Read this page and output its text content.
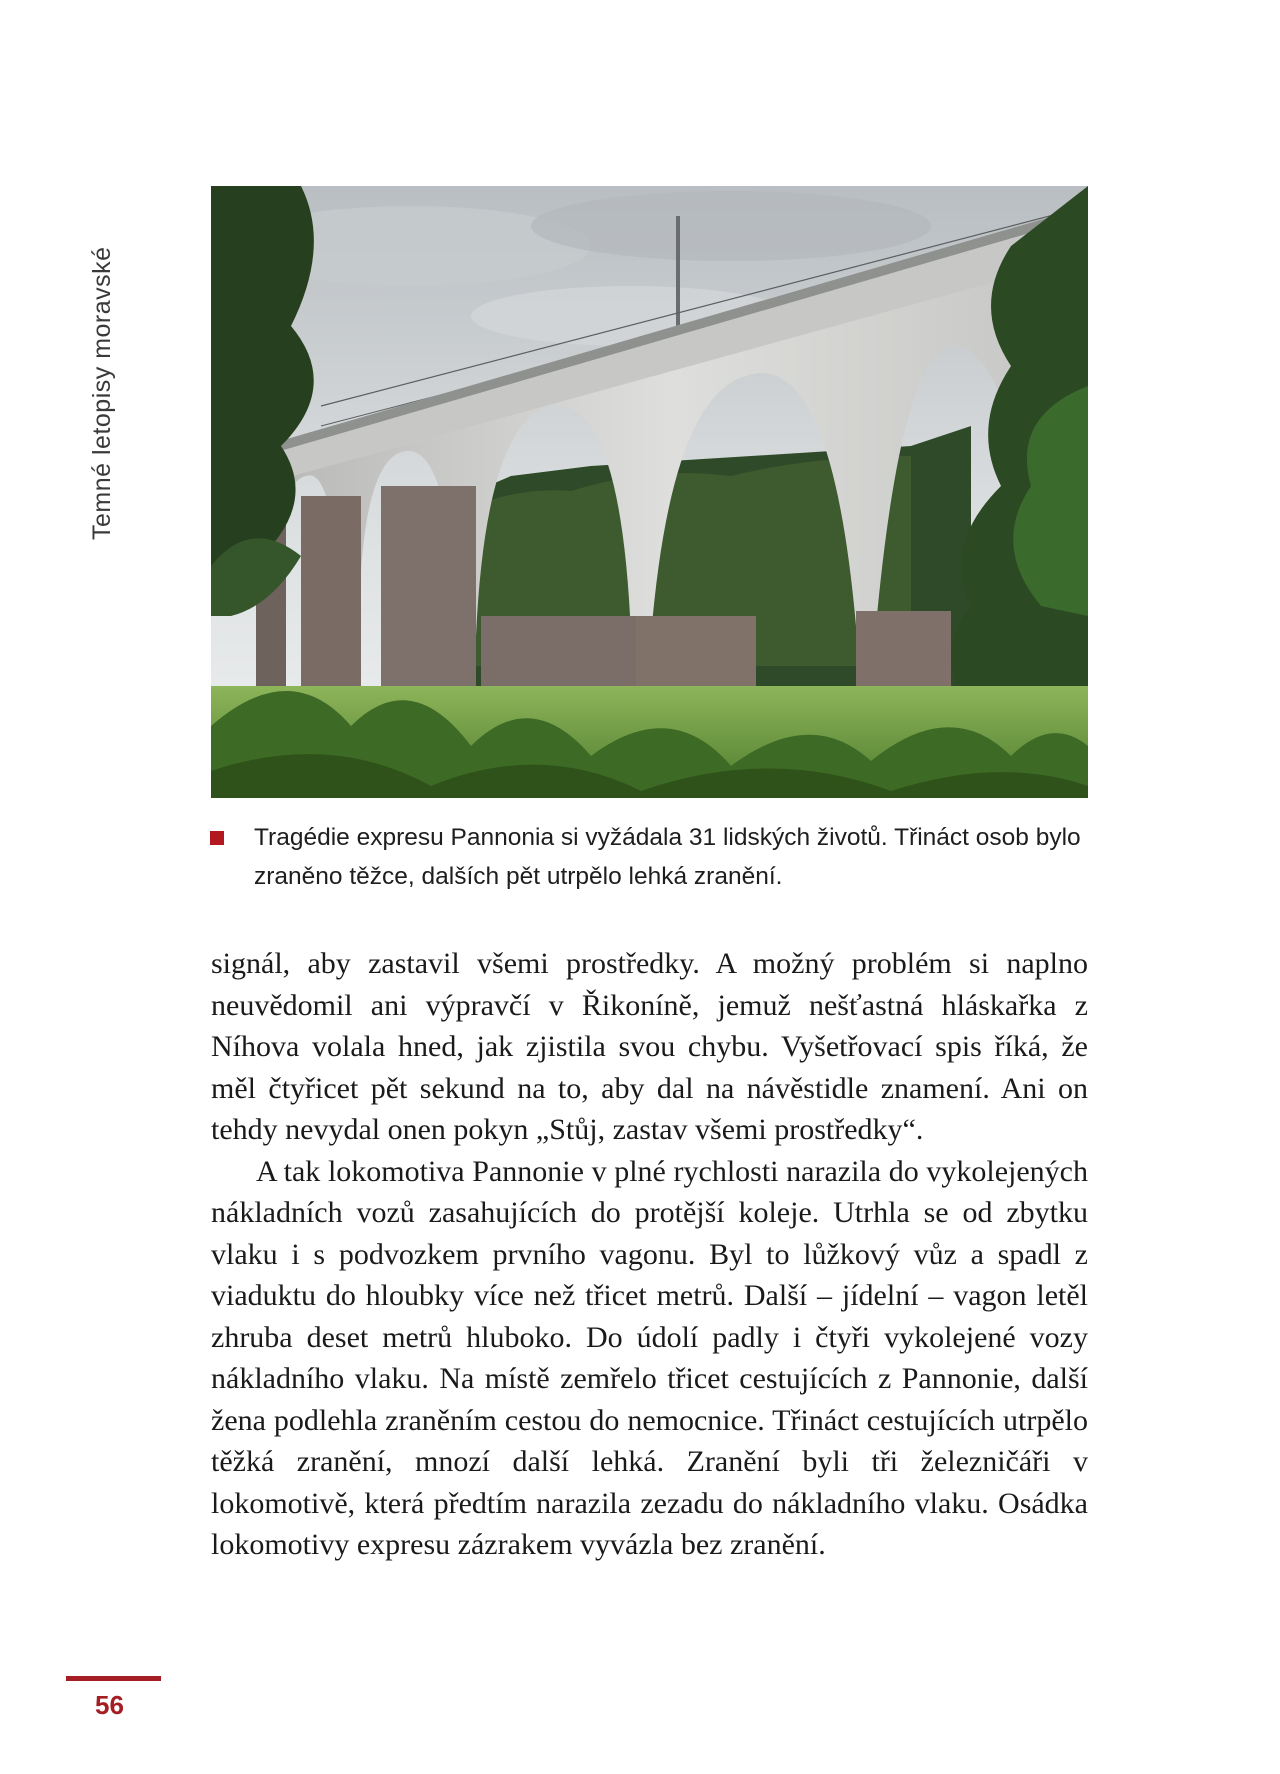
Temné letopisy moravské
Tragédie expresu Pannonia si vyžádala 31 lidských životů. Třináct osob bylo zraněno těžce, dalších pět utrpělo lehká zranění.

signál, aby zastavil všemi prostředky. A možný problém si naplno neuvědomil ani výpravčí v Řikoníně, jemuž nešťastná hláskařka z Níhova volala hned, jak zjistila svou chybu. Vyšetřovací spis říká, že měl čtyřicet pět sekund na to, aby dal na návěstidle znamení. Ani on tehdy nevydal onen pokyn „Stůj, zastav všemi prostředky“.

A tak lokomotiva Pannonie v plné rychlosti narazila do vykolejených nákladních vozů zasahujících do protější koleje. Utrhla se od zbytku vlaku i s podvozkem prvního vagonu. Byl to lůžkový vůz a spadl z viaduktu do hloubky více než třicet metrů. Další – jídelní – vagon letěl zhruba deset metrů hluboko. Do údolí padly i čtyři vykolejené vozy nákladního vlaku. Na místě zemřelo třicet cestujících z Pannonie, další žena podlehla zraněním cestou do nemocnice. Třináct cestujících utrpělo těžká zranění, mnozí další lehká. Zranění byli tři železničáři v lokomotivě, která předtím narazila zezadu do nákladního vlaku. Osádka lokomotivy expresu zázrakem vyvázla bez zranění.

56
